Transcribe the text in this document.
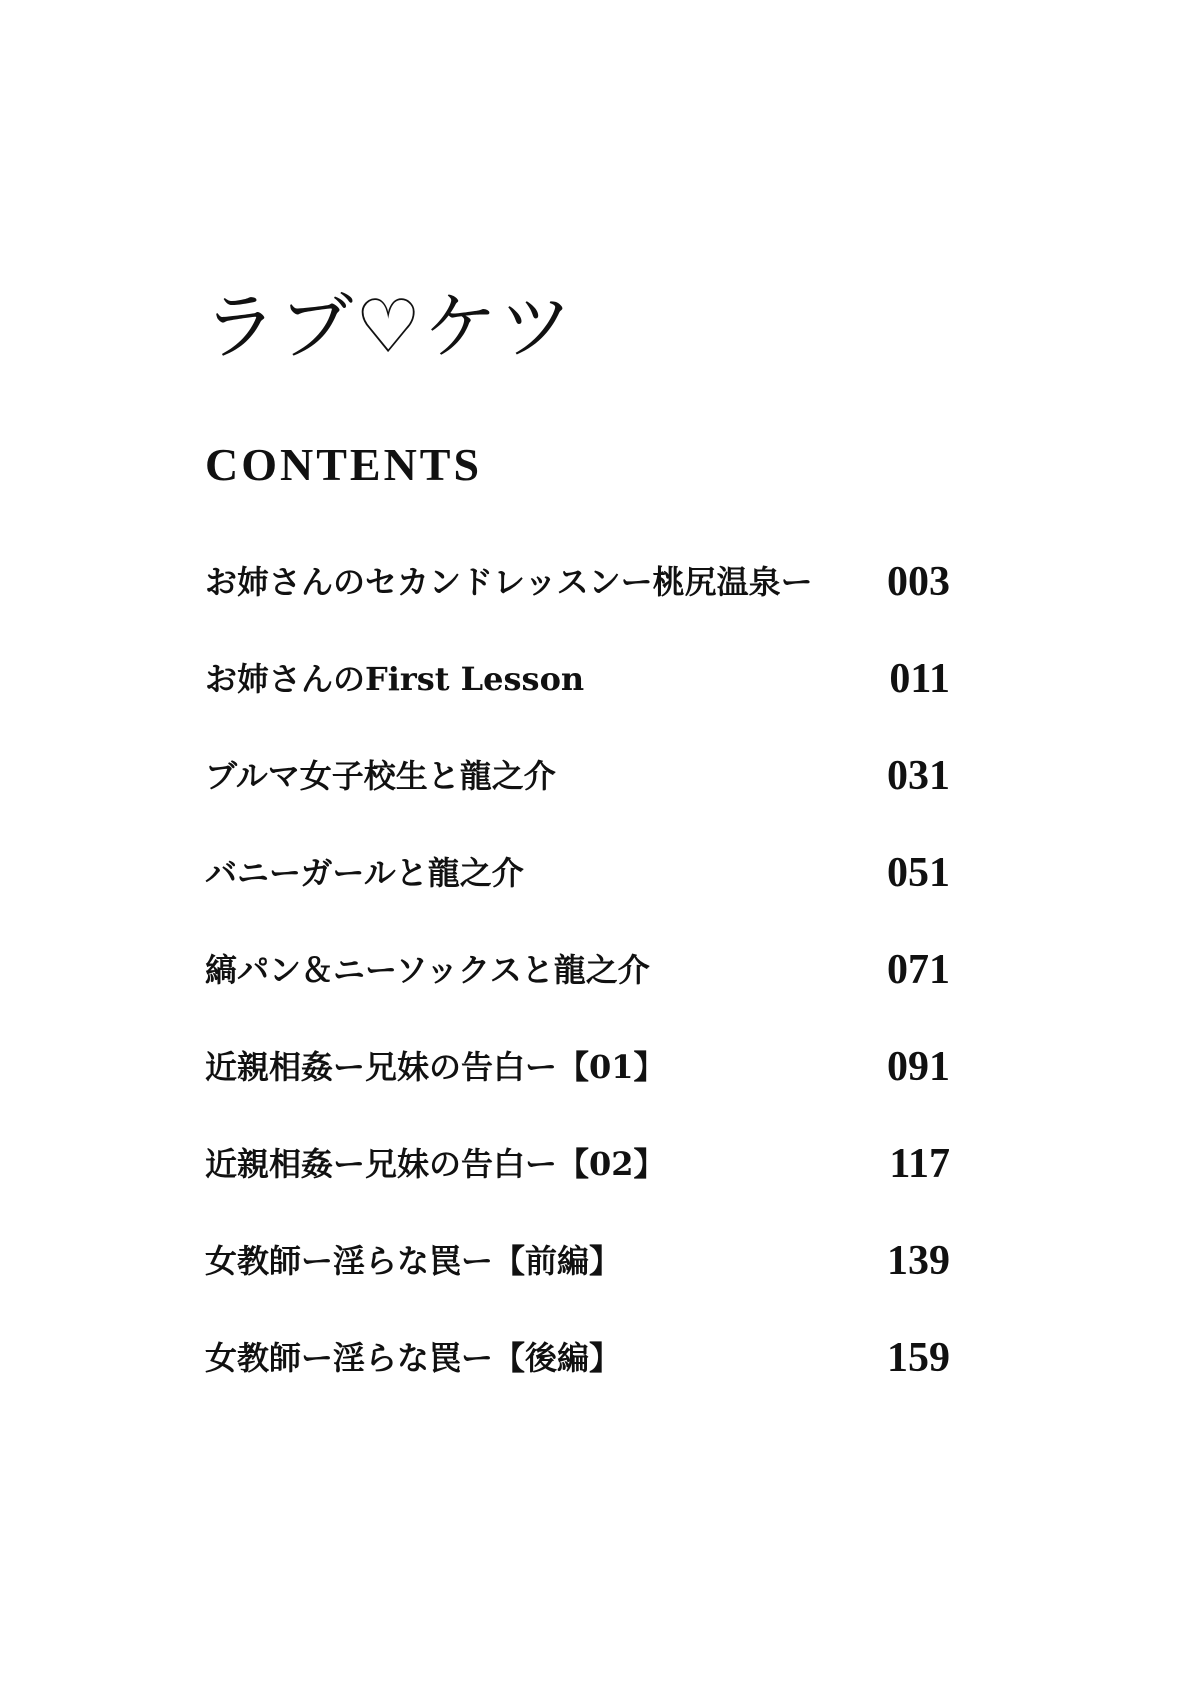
ラブ♡ケツ
CONTENTS
お姉さんのセカンドレッスンー桃尻温泉ー 003
お姉さんのFirst Lesson	011
ブルマ女子校生と龍之介	031
バニーガールと龍之介	051
縞パン＆ニーソックスと龍之介	071
近親相姦ー兄妹の告白ー【01】	091
近親相姦ー兄妹の告白ー【02】	117
女教師ー淫らな罠ー【前編】	139
女教師ー淫らな罠ー【後編】	159
